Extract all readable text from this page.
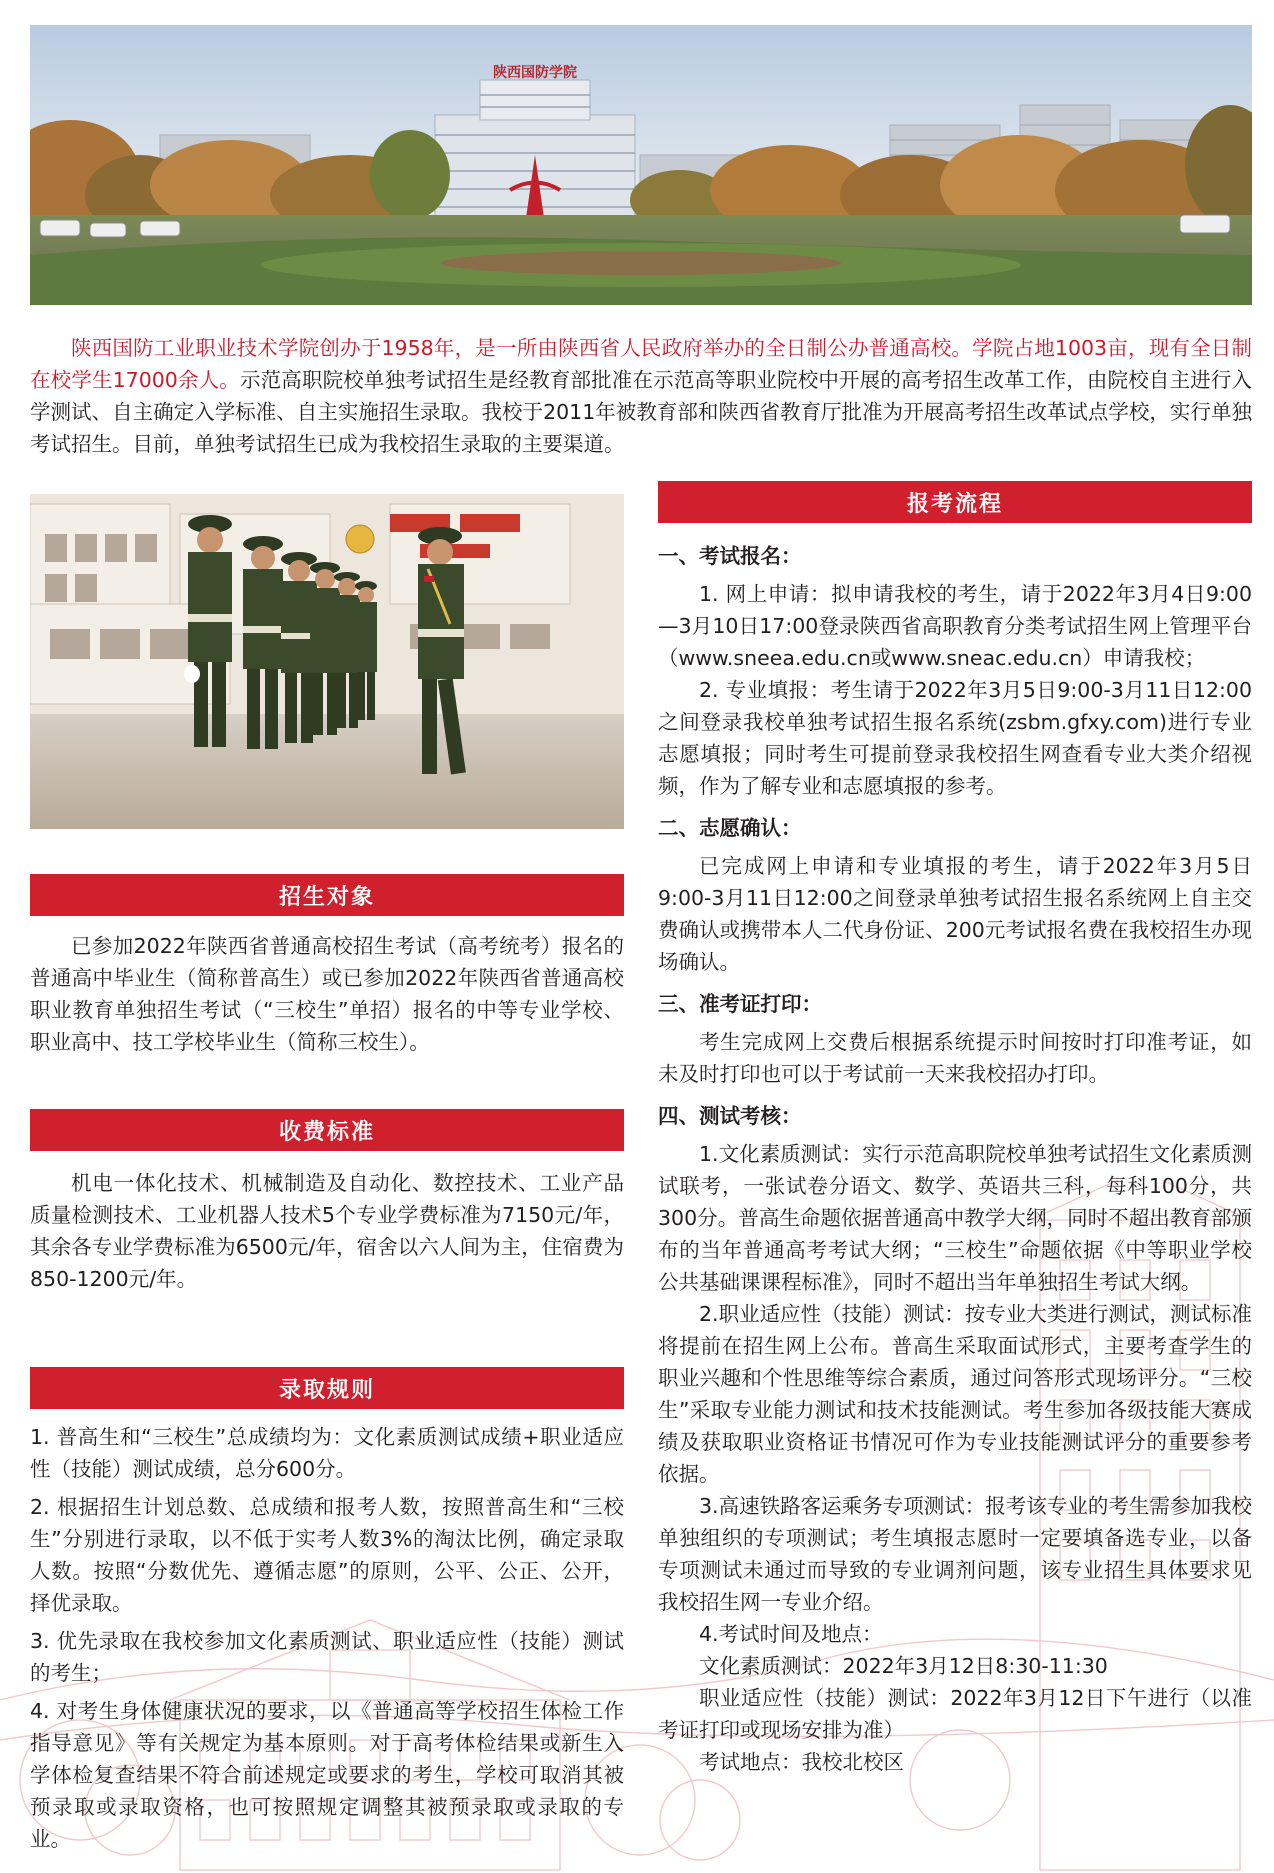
陕西国防学院

陕西国防工业职业技术学院创办于1958年，是一所由陕西省人民政府举办的全日制公办普通高校。学院占地1003亩，现有全日制在校学生17000余人。示范高职院校单独考试招生是经教育部批准在示范高等职业院校中开展的高考招生改革工作，由院校自主进行入学测试、自主确定入学标准、自主实施招生录取。我校于2011年被教育部和陕西省教育厅批准为开展高考招生改革试点学校，实行单独考试招生。目前，单独考试招生已成为我校招生录取的主要渠道。

招生对象

已参加2022年陕西省普通高校招生考试（高考统考）报名的普通高中毕业生（简称普高生）或已参加2022年陕西省普通高校职业教育单独招生考试（“三校生”单招）报名的中等专业学校、职业高中、技工学校毕业生（简称三校生）。

收费标准

机电一体化技术、机械制造及自动化、数控技术、工业产品质量检测技术、工业机器人技术5个专业学费标准为7150元/年，其余各专业学费标准为6500元/年，宿舍以六人间为主，住宿费为850-1200元/年。

录取规则

1. 普高生和“三校生”总成绩均为：文化素质测试成绩+职业适应性（技能）测试成绩，总分600分。

2. 根据招生计划总数、总成绩和报考人数，按照普高生和“三校生”分别进行录取，以不低于实考人数3%的淘汰比例，确定录取人数。按照“分数优先、遵循志愿”的原则，公平、公正、公开，择优录取。

3. 优先录取在我校参加文化素质测试、职业适应性（技能）测试的考生；

4. 对考生身体健康状况的要求，以《普通高等学校招生体检工作指导意见》等有关规定为基本原则。对于高考体检结果或新生入学体检复查结果不符合前述规定或要求的考生，学校可取消其被预录取或录取资格，也可按照规定调整其被预录取或录取的专业。

报考流程

一、考试报名：

1. 网上申请：拟申请我校的考生，请于2022年3月4日9:00—3月10日17:00登录陕西省高职教育分类考试招生网上管理平台（www.sneea.edu.cn或www.sneac.edu.cn）申请我校；

2. 专业填报：考生请于2022年3月5日9:00-3月11日12:00之间登录我校单独考试招生报名系统(zsbm.gfxy.com)进行专业志愿填报；同时考生可提前登录我校招生网查看专业大类介绍视频，作为了解专业和志愿填报的参考。

二、志愿确认：

已完成网上申请和专业填报的考生，请于2022年3月5日9:00-3月11日12:00之间登录单独考试招生报名系统网上自主交费确认或携带本人二代身份证、200元考试报名费在我校招生办现场确认。

三、准考证打印：

考生完成网上交费后根据系统提示时间按时打印准考证，如未及时打印也可以于考试前一天来我校招办打印。

四、测试考核：

1.文化素质测试：实行示范高职院校单独考试招生文化素质测试联考，一张试卷分语文、数学、英语共三科，每科100分，共300分。普高生命题依据普通高中教学大纲，同时不超出教育部颁布的当年普通高考考试大纲；“三校生”命题依据《中等职业学校公共基础课课程标准》，同时不超出当年单独招生考试大纲。

2.职业适应性（技能）测试：按专业大类进行测试，测试标准将提前在招生网上公布。普高生采取面试形式，主要考查学生的职业兴趣和个性思维等综合素质，通过问答形式现场评分。“三校生”采取专业能力测试和技术技能测试。考生参加各级技能大赛成绩及获取职业资格证书情况可作为专业技能测试评分的重要参考依据。

3.高速铁路客运乘务专项测试：报考该专业的考生需参加我校单独组织的专项测试；考生填报志愿时一定要填备选专业，以备专项测试未通过而导致的专业调剂问题，该专业招生具体要求见我校招生网一专业介绍。

4.考试时间及地点：

文化素质测试：2022年3月12日8:30-11:30

职业适应性（技能）测试：2022年3月12日下午进行（以准考证打印或现场安排为准）

考试地点：我校北校区
